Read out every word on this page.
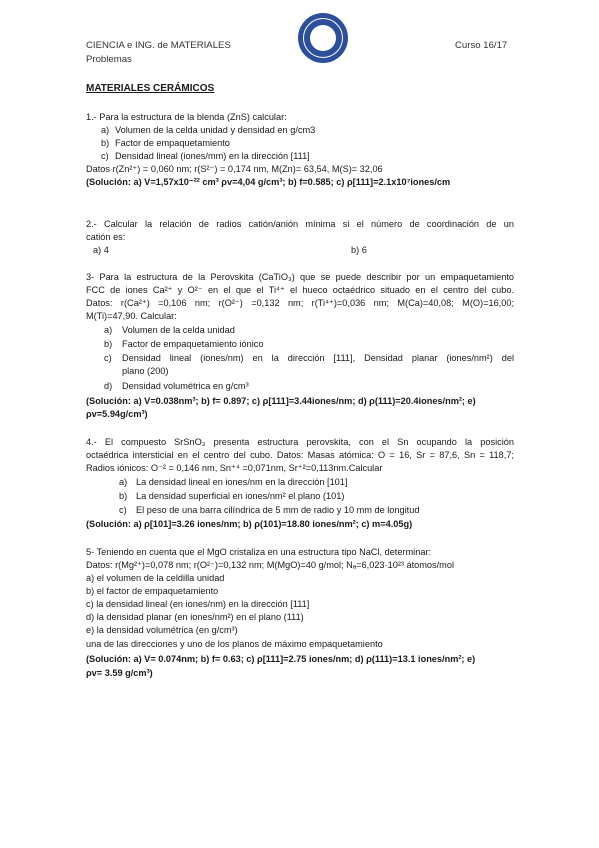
CIENCIA e ING. de MATERIALES
Problemas
Curso 16/17
MATERIALES CERÁMICOS
1.- Para la estructura de la blenda (ZnS) calcular:
a) Volumen de la celda unidad y densidad en g/cm3
b) Factor de empaquetamiento
c) Densidad lineal (iones/mm) en la dirección [111]
Datos r(Zn²⁺) = 0,060 nm; r(S²⁻) = 0,174 nm, M(Zn)= 63,54, M(S)= 32,06
(Solución: a) V=1,57x10⁻²² cm³ ρv=4,04 g/cm³; b) f=0.585; c) ρ[111]=2.1x10⁷iones/cm
2.- Calcular la relación de radios catión/anión mínima si el número de coordinación de un
catión es:
a) 4	b) 6
3- Para la estructura de la Perovskita (CaTiO₃) que se puede describir por un empaquetamiento
FCC de iones Ca²⁺ y O²⁻ en el que el Ti⁴⁺ el hueco octaédrico situado en el centro del cubo.
Datos: r(Ca²⁺) =0,106 nm; r(O²⁻) =0,132 nm; r(Ti⁴⁺)=0,036 nm; M(Ca)=40,08; M(O)=16,00;
M(Ti)=47,90. Calcular:
a) Volumen de la celda unidad
b) Factor de empaquetamiento iónico
c) Densidad lineal (iones/nm) en la dirección [111], Densidad planar (iones/nm²) del
plano (200)
d) Densidad volumétrica en g/cm³
(Solución: a) V=0.038nm³; b) f= 0.897; c) ρ[111]=3.44iones/nm; d) ρ(111)=20.4iones/nm²; e)
ρv=5.94g/cm³)
4.- El compuesto SrSnO₃ presenta estructura perovskita, con el Sn ocupando la posición
octaédrica intersticial en el centro del cubo. Datos: Masas atómica: O = 16, Sr = 87,6, Sn = 118,7;
Radios iónicos: O⁻² = 0,146 nm, Sn⁺⁴ =0,071nm, Sr⁺²=0,113nm.Calcular
a) La densidad lineal en iones/nm en la dirección [101]
b) La densidad superficial en iones/nm² el plano (101)
c) El peso de una barra cilíndrica de 5 mm de radio y 10 mm de longitud
(Solución: a) ρ[101]=3.26 iones/nm; b) ρ(101)=18.80 iones/nm²; c) m=4.05g)
5- Teniendo en cuenta que el MgO cristaliza en una estructura tipo NaCl, determinar:
Datos: r(Mg²⁺)=0,078 nm; r(O²⁻)=0,132 nm; M(MgO)=40 g/mol; Nₐ=6,023·10²³ átomos/mol
a) el volumen de la celdilla unidad
b) el factor de empaquetamiento
c) la densidad lineal (en iones/nm) en la dirección [111]
d) la densidad planar (en iones/nm²) en el plano (111)
e) la densidad volumétrica (en g/cm³)
una de las direcciones y uno de los planos de máximo empaquetamiento
(Solución: a) V= 0.074nm; b) f= 0.63; c) ρ[111]=2.75 iones/nm; d) ρ(111)=13.1 iones/nm²; e)
ρv= 3.59 g/cm³)
